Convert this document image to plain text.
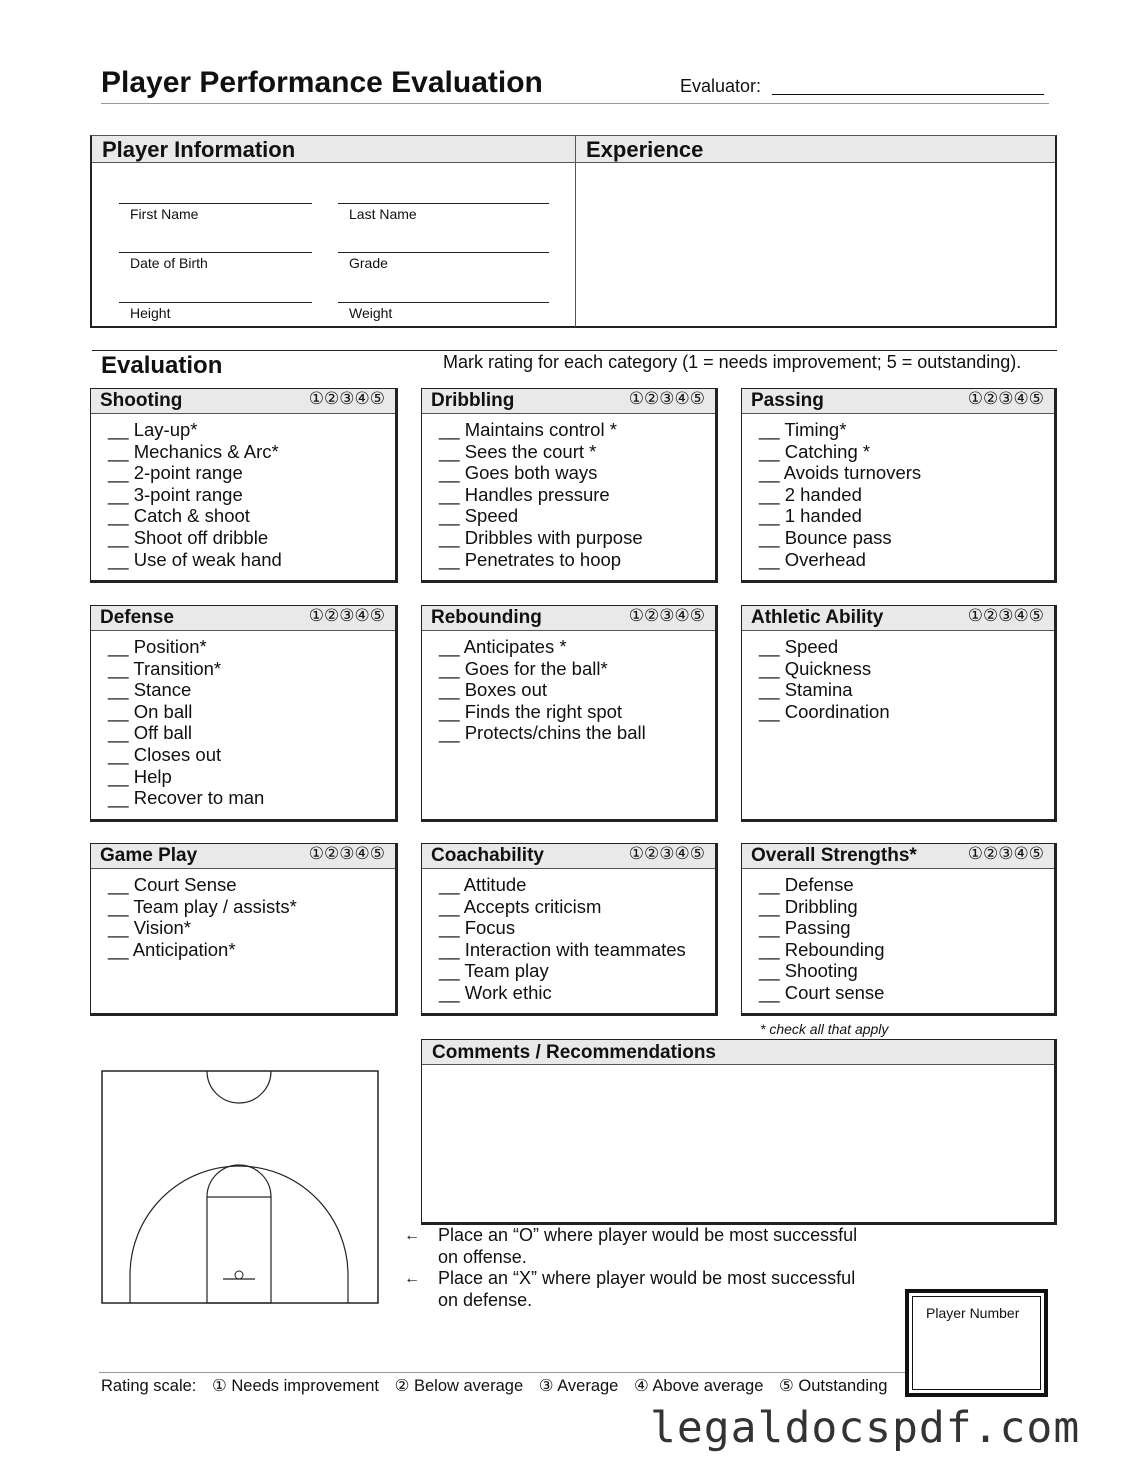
Player Performance Evaluation	Evaluator:
Player Information	Experience
First Name	Last Name
Date of Birth	Grade
Height	Weight
Evaluation	Mark rating for each category (1 = needs improvement; 5 = outstanding).
Shooting	①②③④⑤
__ Lay-up*
__ Mechanics & Arc*
__ 2-point range
__ 3-point range
__ Catch & shoot
__ Shoot off dribble
__ Use of weak hand
Dribbling	①②③④⑤
__ Maintains control *
__ Sees the court *
__ Goes both ways
__ Handles pressure
__ Speed
__ Dribbles with purpose
__ Penetrates to hoop
Passing	①②③④⑤
__ Timing*
__ Catching *
__ Avoids turnovers
__ 2 handed
__ 1 handed
__ Bounce pass
__ Overhead
Defense	①②③④⑤
__ Position*
__ Transition*
__ Stance
__ On ball
__ Off ball
__ Closes out
__ Help
__ Recover to man
Rebounding	①②③④⑤
__ Anticipates *
__ Goes for the ball*
__ Boxes out
__ Finds the right spot
__ Protects/chins the ball
Athletic Ability	①②③④⑤
__ Speed
__ Quickness
__ Stamina
__ Coordination
Game Play	①②③④⑤
__ Court Sense
__ Team play / assists*
__ Vision*
__ Anticipation*
Coachability	①②③④⑤
__ Attitude
__ Accepts criticism
__ Focus
__ Interaction with teammates
__ Team play
__ Work ethic
Overall Strengths*	①②③④⑤
__ Defense
__ Dribbling
__ Passing
__ Rebounding
__ Shooting
__ Court sense
* check all that apply
Comments / Recommendations
← Place an “O” where player would be most successful
on offense.
← Place an “X” where player would be most successful
on defense.
Player Number
Rating scale: ① Needs improvement ② Below average ③ Average ④ Above average ⑤ Outstanding
legaldocspdf.com
